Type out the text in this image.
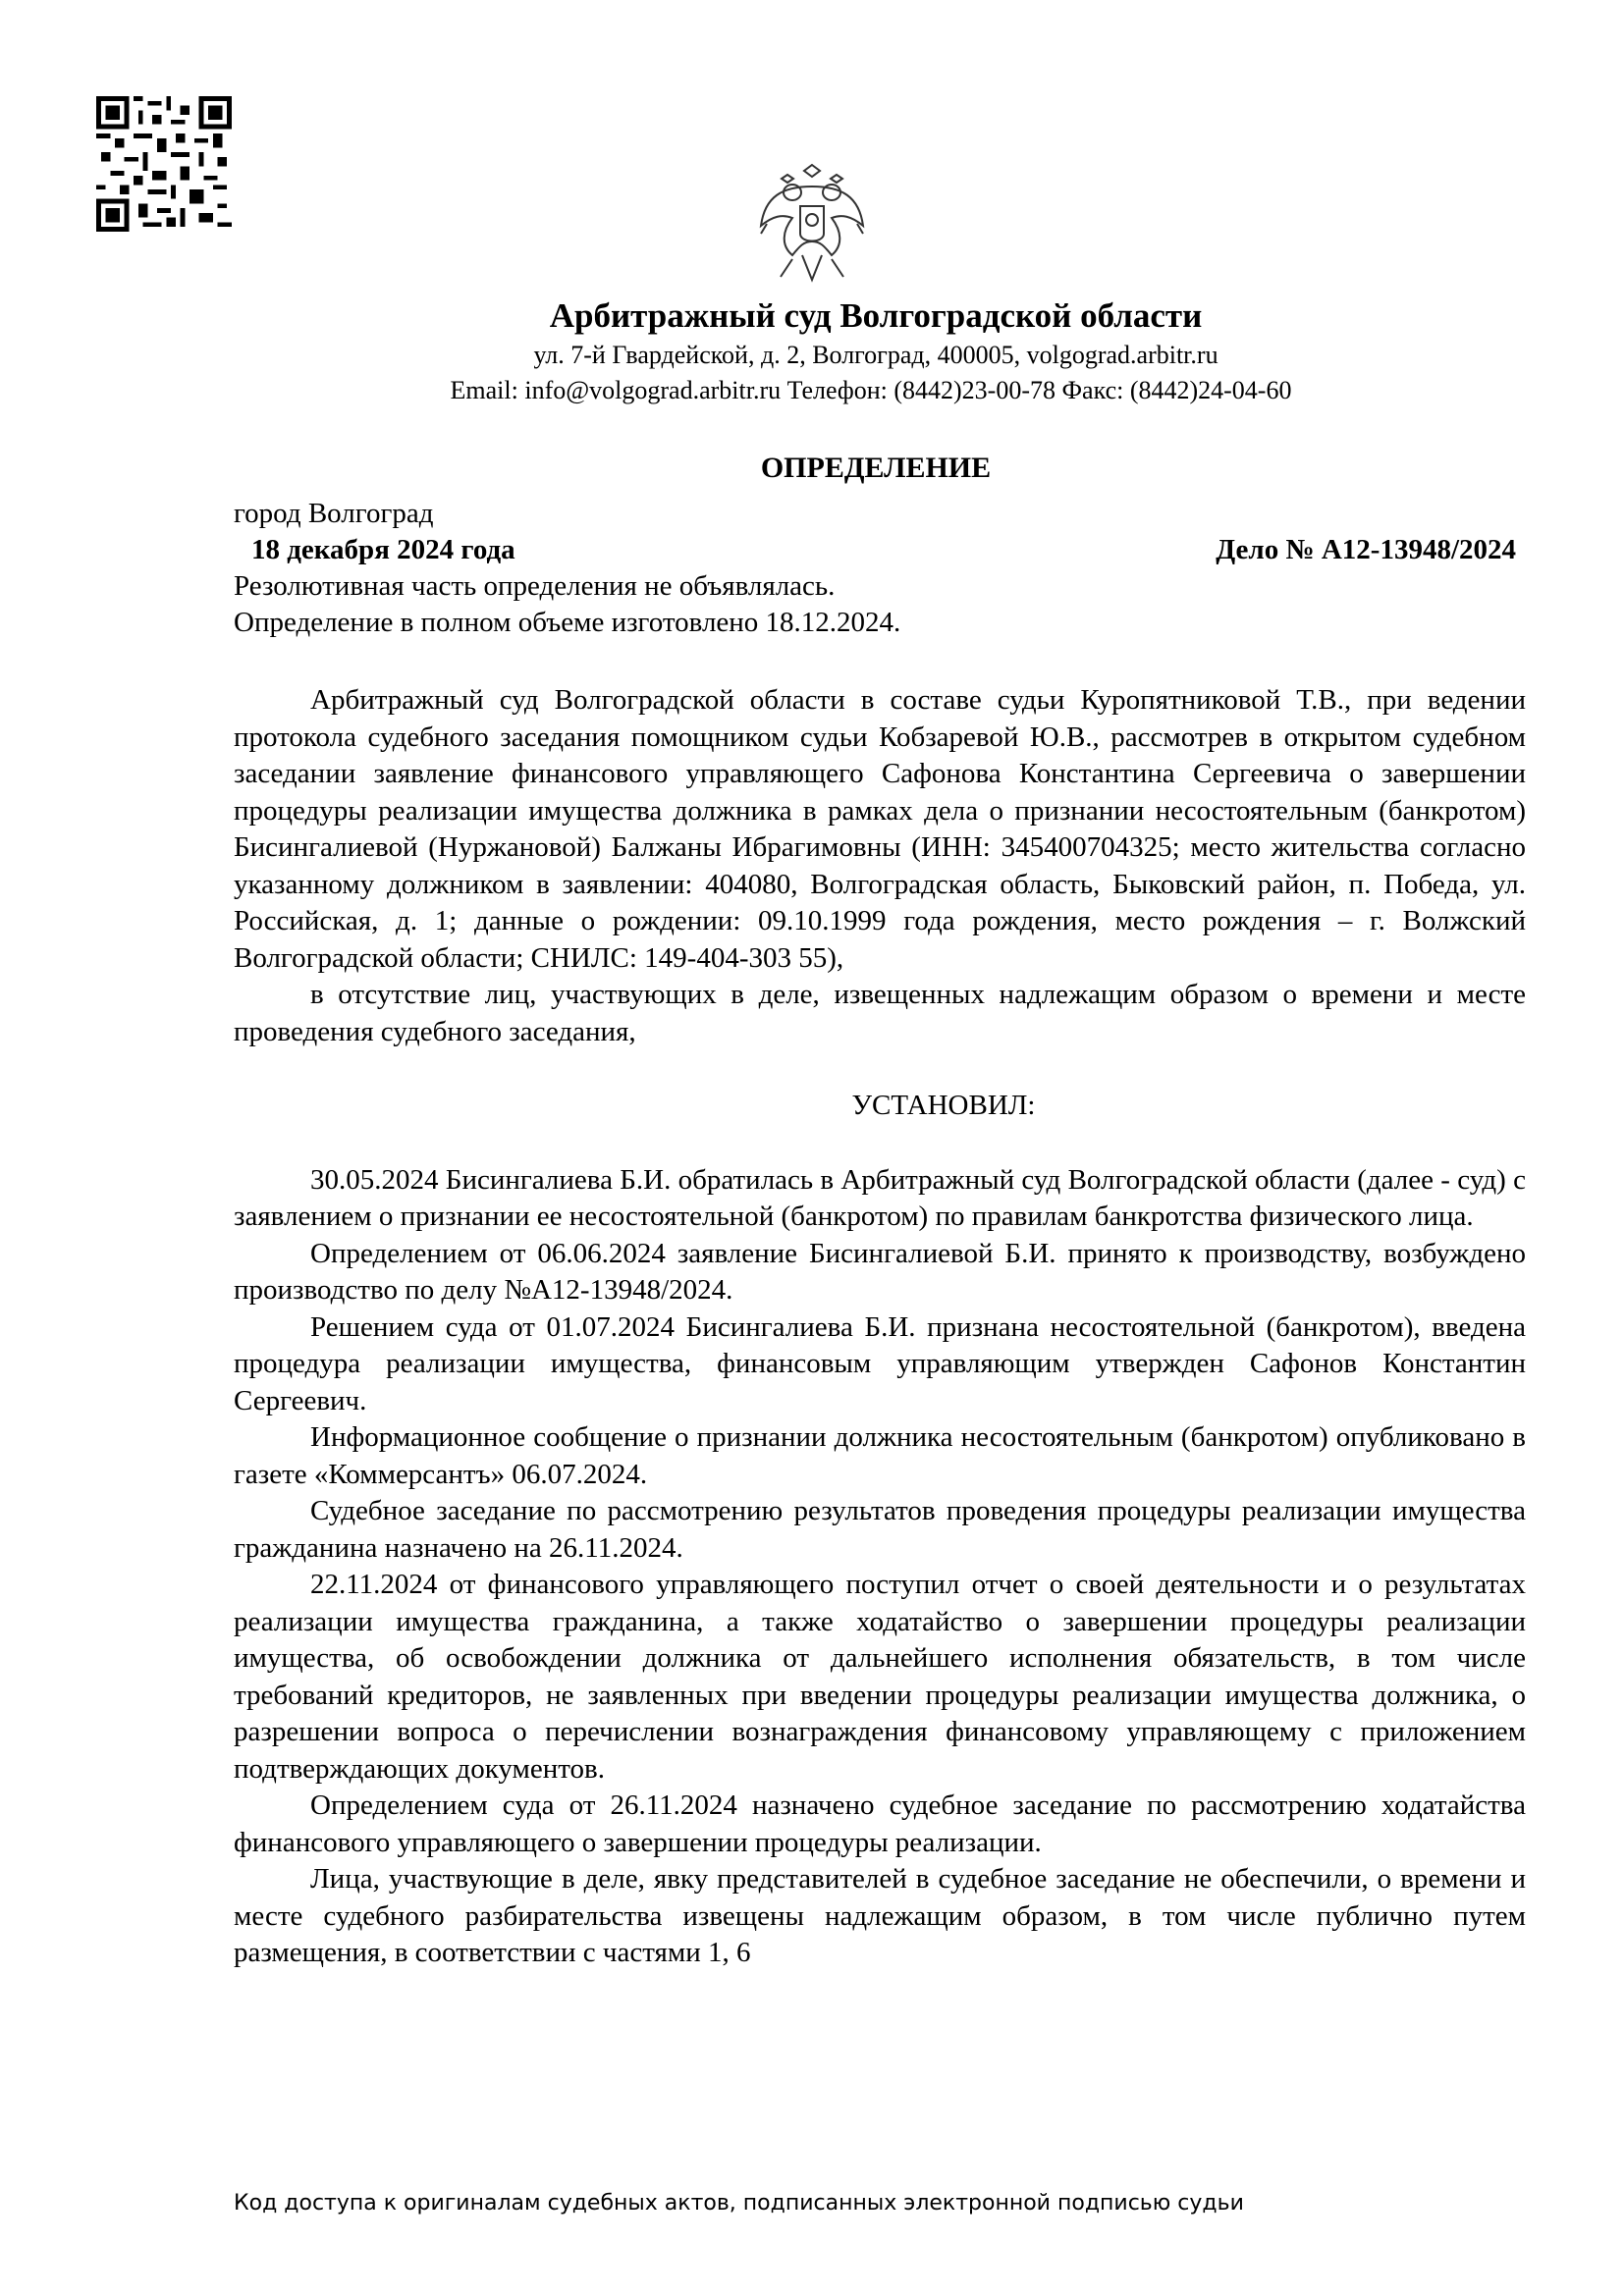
Арбитражный суд Волгоградской области
ул. 7-й Гвардейской, д. 2, Волгоград, 400005, volgograd.arbitr.ru
Email: info@volgograd.arbitr.ru Телефон: (8442)23-00-78 Факс: (8442)24-04-60
ОПРЕДЕЛЕНИЕ
город Волгоград
18 декабря 2024 года	Дело № А12-13948/2024
Резолютивная часть определения не объявлялась.
Определение в полном объеме изготовлено 18.12.2024.

Арбитражный суд Волгоградской области в составе судьи Куропятниковой Т.В., при ведении протокола судебного заседания помощником судьи Кобзаревой Ю.В., рассмотрев в открытом судебном заседании заявление финансового управляющего Сафонова Константина Сергеевича о завершении процедуры реализации имущества должника в рамках дела о признании несостоятельным (банкротом) Бисингалиевой (Нуржановой) Балжаны Ибрагимовны (ИНН: 345400704325; место жительства согласно указанному должником в заявлении: 404080, Волгоградская область, Быковский район, п. Победа, ул. Российская, д. 1; данные о рождении: 09.10.1999 года рождения, место рождения – г. Волжский Волгоградской области; СНИЛС: 149-404-303 55),

в отсутствие лиц, участвующих в деле, извещенных надлежащим образом о времени и месте проведения судебного заседания,

УСТАНОВИЛ:

30.05.2024 Бисингалиева Б.И. обратилась в Арбитражный суд Волгоградской области (далее - суд) с заявлением о признании ее несостоятельной (банкротом) по правилам банкротства физического лица.

Определением от 06.06.2024 заявление Бисингалиевой Б.И. принято к производству, возбуждено производство по делу №А12-13948/2024.

Решением суда от 01.07.2024 Бисингалиева Б.И. признана несостоятельной (банкротом), введена процедура реализации имущества, финансовым управляющим утвержден Сафонов Константин Сергеевич.

Информационное сообщение о признании должника несостоятельным (банкротом) опубликовано в газете «Коммерсантъ» 06.07.2024.

Судебное заседание по рассмотрению результатов проведения процедуры реализации имущества гражданина назначено на 26.11.2024.

22.11.2024 от финансового управляющего поступил отчет о своей деятельности и о результатах реализации имущества гражданина, а также ходатайство о завершении процедуры реализации имущества, об освобождении должника от дальнейшего исполнения обязательств, в том числе требований кредиторов, не заявленных при введении процедуры реализации имущества должника, о разрешении вопроса о перечислении вознаграждения финансовому управляющему с приложением подтверждающих документов.

Определением суда от 26.11.2024 назначено судебное заседание по рассмотрению ходатайства финансового управляющего о завершении процедуры реализации.

Лица, участвующие в деле, явку представителей в судебное заседание не обеспечили, о времени и месте судебного разбирательства извещены надлежащим образом, в том числе публично путем размещения, в соответствии с частями 1, 6

Код доступа к оригиналам судебных актов, подписанных электронной подписью судьи
